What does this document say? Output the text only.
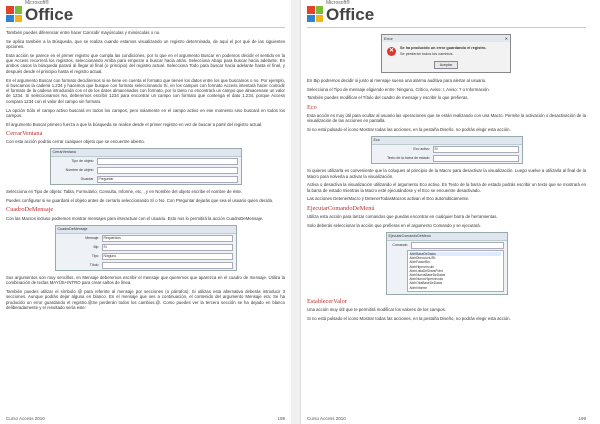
Microsoft®
Office

También puedes diferenciar entre hacer Coincidir mayúsculas y minúsculas o no.

Se aplica también a la Búsqueda, que se realiza cuando estamos visualizando un registro determinado, de aquí el por qué de las siguientes opciones.

Esta acción se parece en el primer registro que cumpla las condiciones, por lo que en el argumento Buscar en podemos decidir el sentido en la que Access recorrerá los registros, seleccionando Arriba para empezar a buscar hacia atrás. Selecciona Abajo para buscar hacia adelante. En ambos casos la búsqueda parará al llegar al final (o principio) del registro actual. Selecciona Todo para buscar hacia adelante hasta el final, y después desde el principio hasta el registro actual.

En el argumento Buscar con formato decidiremos si se tiene en cuenta el formato que tienen los datos entre los que buscamos o no. Por ejemplo, si buscamos la cadena 1,234 y hacemos que busque con formato seleccionando Sí, en los campos con formato Access intentará hacer coincidir el formato de la cadena introducida con el de los datos almacenados con formato, por lo tanto no encontrará un campo que almacenase un valor de 1234. Si seleccionamos No, deberemos escribir 1234 para encontrar un campo con formato que contenga el dato 1.234, porque Access compara 1234 con el valor del campo sin formato.

La opción Sólo el campo activo buscará en todos los campos, pero solamente en el campo activo en ese momento sino buscará en todos los campos.

El argumento Buscar primero fuerza a que la búsqueda se realice desde el primer registro en vez de buscar a partir del registro actual.

CerrarVentana

Con esta acción podrás cerrar cualquier objeto que se encuentre abierto.

CerrarVentana
Tipo de objeto
Nombre de objeto
Guardar	Preguntar

Selecciona en Tipo de objeto: Tabla, Formulario, Consulta, Informe, etc, , y en Nombre del objeto escribe el nombre de éste.

Puedes configurar si se guardará el objeto antes de cerrarlo seleccionando Sí o No. Con Preguntar dejarás que sea el usuario quien decida.

CuadroDeMensaje

Con las Macros incluso podremos mostrar mensajes para interactuar con el usuario. Esto nos lo permitirá la acción CuadroDeMensaje.

CuadroDeMensaje
Mensaje	Requeridos
Bip	Sí
Tipo	Ninguno
Título

Sus argumentos son muy sencillos, en Mensaje deberemos escribir el mensaje que queremos que aparezca en el cuadro de mensaje. Utiliza la combinación de teclas MAYÚS+INTRO para crear saltos de línea.

También puedes utilizar el símbolo @ para referirte al mensaje por secciones (o párrafos). Si utilizas esta alternativa deberás introducir 3 secciones. Aunque podrás dejar alguna en blanco. En el mensaje que ves a continuación, el contenido del argumento Mensaje era: Se ha producido un error guardando el registro.@Se perderán todos los cambios.@. Como puedes ver la tercera sección se ha dejado en blanco deliberadamente y el resultado sería este:

Curso Access 2010	198
Microsoft®
Office
Error	✕
✕	Se ha producido un error guardando el registro.
Se perderán todos los cambios.
Aceptar

En Bip podremos decidir si junto al mensaje suena una alarma auditiva para alertar al usuario.

Selecciona el Tipo de mensaje eligiendo entre: Ninguno, Crítico, Aviso: !, Aviso: ? o Información.

También puedes modificar el Título del cuadro de mensaje y escribir lo que prefieras.

Eco

Esta acción es muy útil para ocultar al usuario las operaciones que se están realizando con una Macro. Permite la activación o desactivación de la visualización de las acciones en pantalla.

Si no está pulsado el icono Mostrar todas las acciones, en la pestaña Diseño, no podrás elegir esta acción.

Eco
Eco activo	Sí
Texto de la barra de estado

Si quieres utilizarla es conveniente que la coloques al principio de la Macro para desactivar la visualización. Luego vuelve a utilizarla al final de la Macro para volverla a activar la visualización.

Activa o desactiva la visualización utilizando el argumento Eco activo. En Texto de la barra de estado podrás escribir un texto que se mostrará en la barra de estado mientras la Macro esté ejecutándose y el Eco se encuentre desactivado.

Las acciones DetenerMacro y DetenerTodasMacros activan el Eco automáticamente.

EjecutarComandoDeMenú

Utiliza esta acción para lanzar comandos que puedas encontrar en cualquier barra de herramientas.

Solo deberás seleccionar la acción que prefieras en el argumento Comando y se ejecutará.

EjecutarComandoDeMenú
Comando
AbrirBaseDeDatos
AbrirDirecciónURL
AbrirFactorBin
AbrirHipervínculo
AbrirListaDeSharePoint
AbrirNuevaBaseDeDatos
AbrirNuevoHipervínculo
AbrirOtraBaseDeDatos
AbrirInforme
EstablecerValor

Una acción muy útil que te permitirá modificar los valores de los campos.

Si no está pulsado el icono Mostrar todas las acciones, en la pestaña Diseño, no podrás elegir esta acción.

Curso Access 2010	199
